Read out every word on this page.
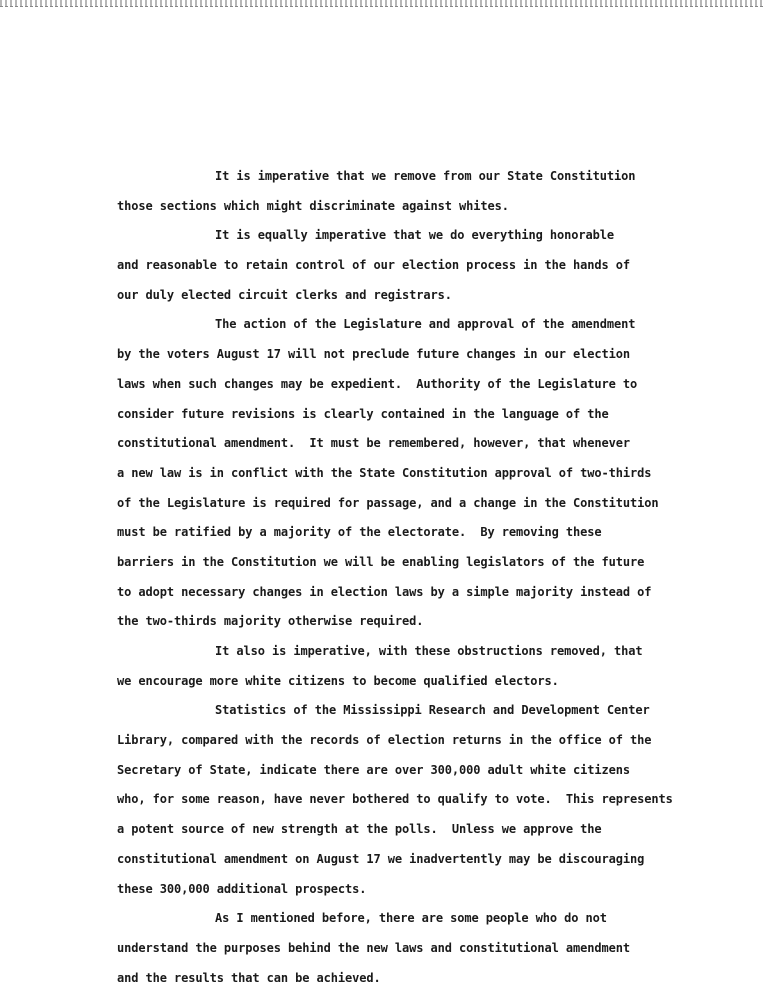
It is imperative that we remove from our State Constitution
those sections which might discriminate against whites.
It is equally imperative that we do everything honorable
and reasonable to retain control of our election process in the hands of
our duly elected circuit clerks and registrars.
The action of the Legislature and approval of the amendment
by the voters August 17 will not preclude future changes in our election
laws when such changes may be expedient.  Authority of the Legislature to
consider future revisions is clearly contained in the language of the
constitutional amendment.  It must be remembered, however, that whenever
a new law is in conflict with the State Constitution approval of two-thirds
of the Legislature is required for passage, and a change in the Constitution
must be ratified by a majority of the electorate.  By removing these
barriers in the Constitution we will be enabling legislators of the future
to adopt necessary changes in election laws by a simple majority instead of
the two-thirds majority otherwise required.
It also is imperative, with these obstructions removed, that
we encourage more white citizens to become qualified electors.
Statistics of the Mississippi Research and Development Center
Library, compared with the records of election returns in the office of the
Secretary of State, indicate there are over 300,000 adult white citizens
who, for some reason, have never bothered to qualify to vote.  This represents
a potent source of new strength at the polls.  Unless we approve the
constitutional amendment on August 17 we inadvertently may be discouraging
these 300,000 additional prospects.
As I mentioned before, there are some people who do not
understand the purposes behind the new laws and constitutional amendment
and the results that can be achieved.
